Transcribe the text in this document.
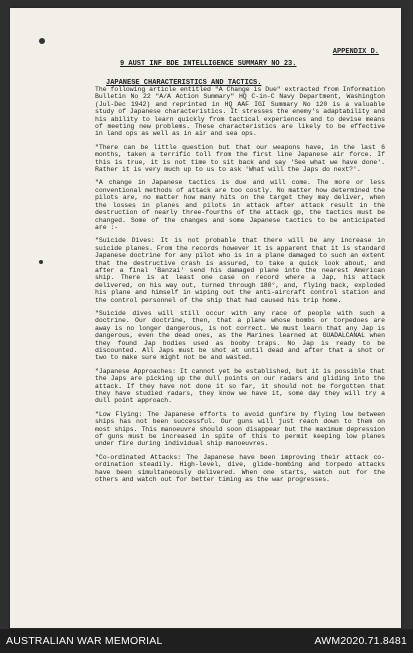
APPENDIX D.
9 AUST INF BDE INTELLIGENCE SUMMARY NO 23.
JAPANESE CHARACTERISTICS AND TACTICS.

The following article entitled "A Change is Due" extracted from Information Bulletin No 22 "A/A Action Summary" HQ C-in-C Navy Department, Washington (Jul-Dec 1942) and reprinted in HQ AAF IGI Summary No 120 is a valuable study of Japanese characteristics. It stresses the enemy's adaptability and his ability to learn quickly from tactical experiences and to devise means of meeting new problems. These characteristics are likely to be effective in land ops as well as in air and sea ops.

"There can be little question but that our weapons have, in the last 6 months, taken a terrific toll from the first line Japanese air force. If this is true, it is not time to sit back and say 'See what we have done'. Rather it is very much up to us to ask 'What will the Japs do next?'.

"A change in Japanese tactics is due and will come. The more or less conventional methods of attack are too costly. No matter how determined the pilots are, no matter how many hits on the target they may deliver, when the losses in planes and pilots in attack after attack result in the destruction of nearly three-fourths of the attack gp, the tactics must be changed. Some of the changes and some Japanese tactics to be anticipated are :-

"Suicide Dives: It is not probable that there will be any increase in suicide planes. From the records however it is apparent that it is standard Japanese doctrine for any pilot who is in a plane damaged to such an extent that the destructive crash is assured, to take a quick look about, and after a final 'Banzai' send his damaged plane into the nearest American ship. There is at least one case on record where a Jap, his attack delivered, on his way out, turned through 180°, and, flying back, exploded his plane and himself in wiping out the anti-aircraft control station and the control personnel of the ship that had caused his trip home.

"Suicide dives will still occur with any race of people with such a doctrine. Our doctrine, then, that a plane whose bombs or torpedoes are away is no longer dangerous, is not correct. We must learn that any Jap is dangerous, even the dead ones, as the Marines learned at GUADALCANAL when they found Jap bodies used as booby traps. No Jap is ready to be discounted. All Japs must be shot at until dead and after that a shot or two to make sure might not be and wasted.

"Japanese Approaches: It cannot yet be established, but it is possible that the Japs are picking up the dull points on our radars and gliding into the attack. If they have not done it so far, it should not be forgotten that they have studied radars, they know we have it, some day they will try a dull point approach.

"Low Flying: The Japanese efforts to avoid gunfire by flying low between ships has not been successful. Our guns will just reach down to them on most ships. This manoeuvre should soon disappear but the maximum depression of guns must be increased in spite of this to permit keeping low planes under fire during individual ship manoeuvres.

"Co-ordinated Attacks: The Japanese have been improving their attack co-ordination steadily. High-level, dive, glide-bombing and torpedo attacks have been simultaneously delivered. When one starts, watch out for the others and watch out for better timing as the war progresses.

AUSTRALIAN WAR MEMORIAL	AWM2020.71.8481
